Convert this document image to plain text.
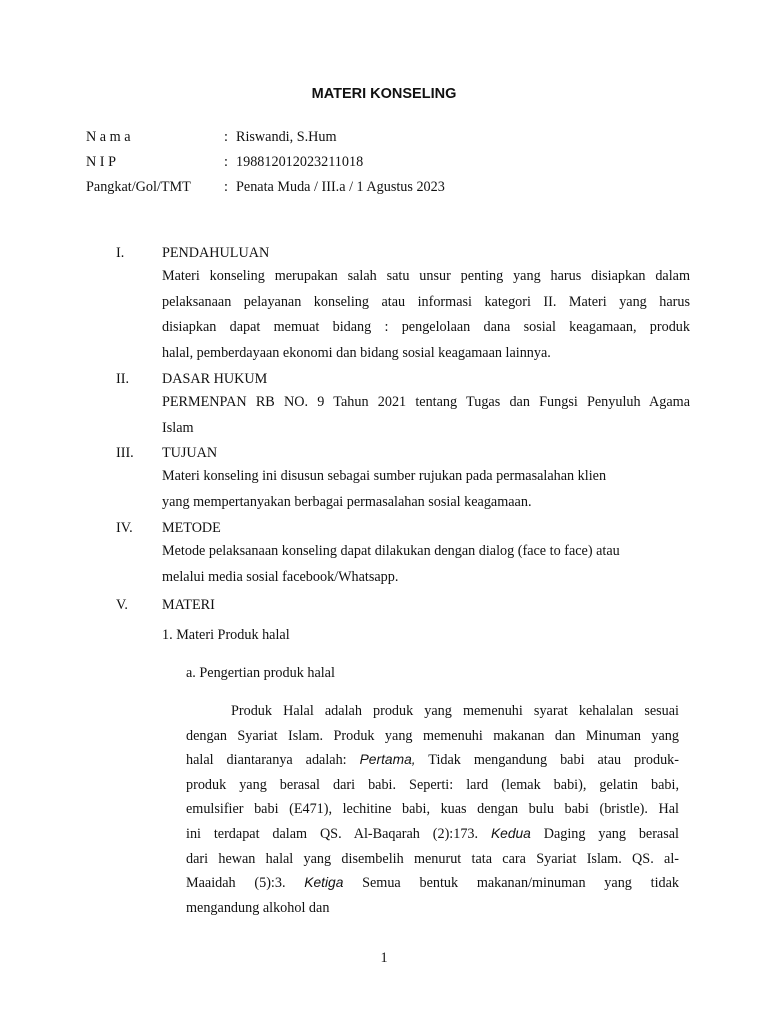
MATERI KONSELING
N a m a	: Riswandi, S.Hum
N I P	: 198812012023211018
Pangkat/Gol/TMT : Penata Muda / III.a / 1 Agustus 2023
I.	PENDAHULUAN
Materi konseling merupakan salah satu unsur penting yang harus disiapkan dalam
pelaksanaan pelayanan konseling atau informasi kategori II. Materi yang harus
disiapkan dapat memuat bidang : pengelolaan dana sosial keagamaan, produk
halal, pemberdayaan ekonomi dan bidang sosial keagamaan lainnya.
II. DASAR HUKUM
PERMENPAN RB NO. 9 Tahun 2021 tentang Tugas dan Fungsi Penyuluh Agama
Islam
III. TUJUAN
Materi konseling ini disusun sebagai sumber rujukan pada permasalahan klien
yang mempertanyakan berbagai permasalahan sosial keagamaan.
IV. METODE
Metode pelaksanaan konseling dapat dilakukan dengan dialog (face to face) atau
melalui media sosial facebook/Whatsapp.
V. MATERI
1. Materi Produk halal
a. Pengertian produk halal
Produk Halal adalah produk yang memenuhi syarat kehalalan sesuai
dengan Syariat Islam. Produk yang memenuhi makanan dan Minuman yang
halal diantaranya adalah: Pertama, Tidak mengandung babi atau produk-
produk yang berasal dari babi. Seperti: lard (lemak babi), gelatin babi,
emulsifier babi (E471), lechitine babi, kuas dengan bulu babi (bristle). Hal
ini terdapat dalam QS. Al-Baqarah (2):173. Kedua Daging yang berasal
dari hewan halal yang disembelih menurut tata cara Syariat Islam. QS. al-
Maaidah (5):3. Ketiga Semua bentuk makanan/minuman yang tidak
mengandung alkohol dan
1
